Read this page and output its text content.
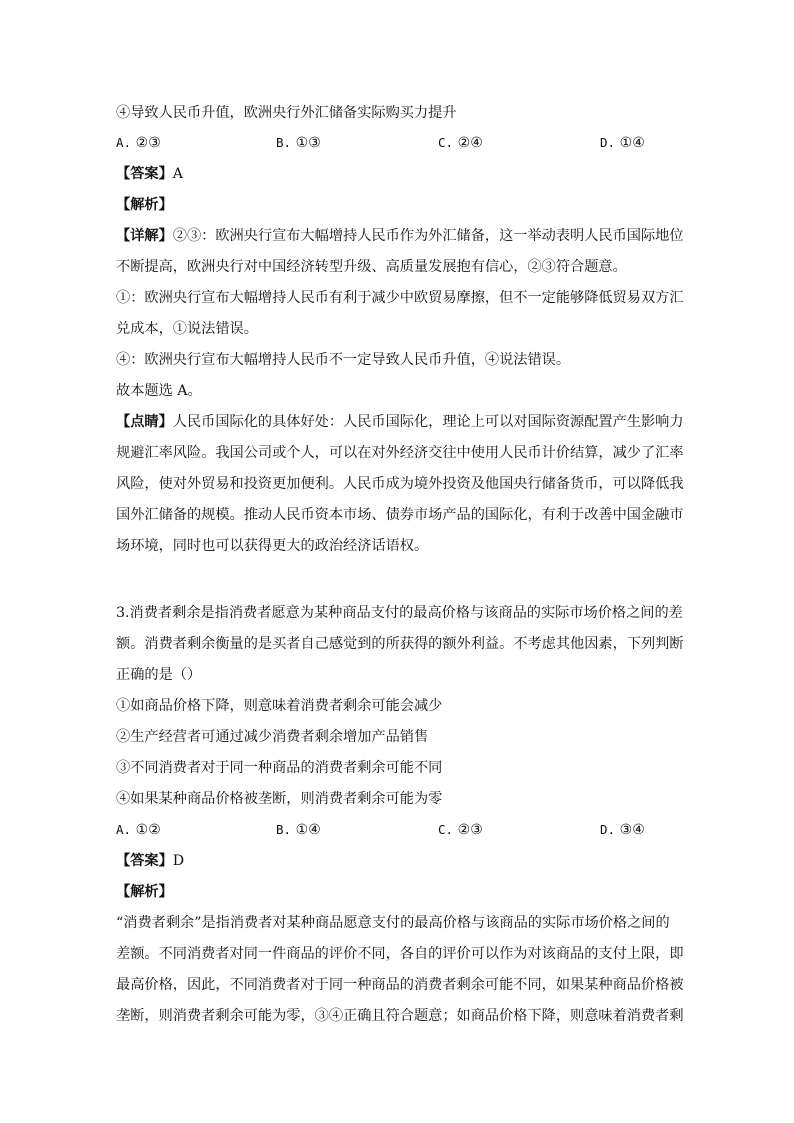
④导致人民币升值，欧洲央行外汇储备实际购买力提升
A. ②③	B. ①③	C. ②④	D. ①④
【答案】A
【解析】
【详解】②③：欧洲央行宣布大幅增持人民币作为外汇储备，这一举动表明人民币国际地位
不断提高，欧洲央行对中国经济转型升级、高质量发展抱有信心，②③符合题意。
①：欧洲央行宣布大幅增持人民币有利于减少中欧贸易摩擦，但不一定能够降低贸易双方汇
兑成本，①说法错误。
④：欧洲央行宣布大幅增持人民币不一定导致人民币升值，④说法错误。
故本题选 A。
【点睛】人民币国际化的具体好处：人民币国际化，理论上可以对国际资源配置产生影响力
规避汇率风险。我国公司或个人，可以在对外经济交往中使用人民币计价结算，减少了汇率
风险，使对外贸易和投资更加便利。人民币成为境外投资及他国央行储备货币，可以降低我
国外汇储备的规模。推动人民币资本市场、债券市场产品的国际化，有利于改善中国金融市
场环境，同时也可以获得更大的政治经济话语权。
3.消费者剩余是指消费者愿意为某种商品支付的最高价格与该商品的实际市场价格之间的差
额。消费者剩余衡量的是买者自己感觉到的所获得的额外利益。不考虑其他因素，下列判断
正确的是（）
①如商品价格下降，则意味着消费者剩余可能会减少
②生产经营者可通过减少消费者剩余增加产品销售
③不同消费者对于同一种商品的消费者剩余可能不同
④如果某种商品价格被垄断，则消费者剩余可能为零
A. ①②	B. ①④	C. ②③	D. ③④
【答案】D
【解析】
“消费者剩余”是指消费者对某种商品愿意支付的最高价格与该商品的实际市场价格之间的
差额。不同消费者对同一件商品的评价不同，各自的评价可以作为对该商品的支付上限，即
最高价格，因此，不同消费者对于同一种商品的消费者剩余可能不同，如果某种商品价格被
垄断，则消费者剩余可能为零，③④正确且符合题意；如商品价格下降，则意味着消费者剩
